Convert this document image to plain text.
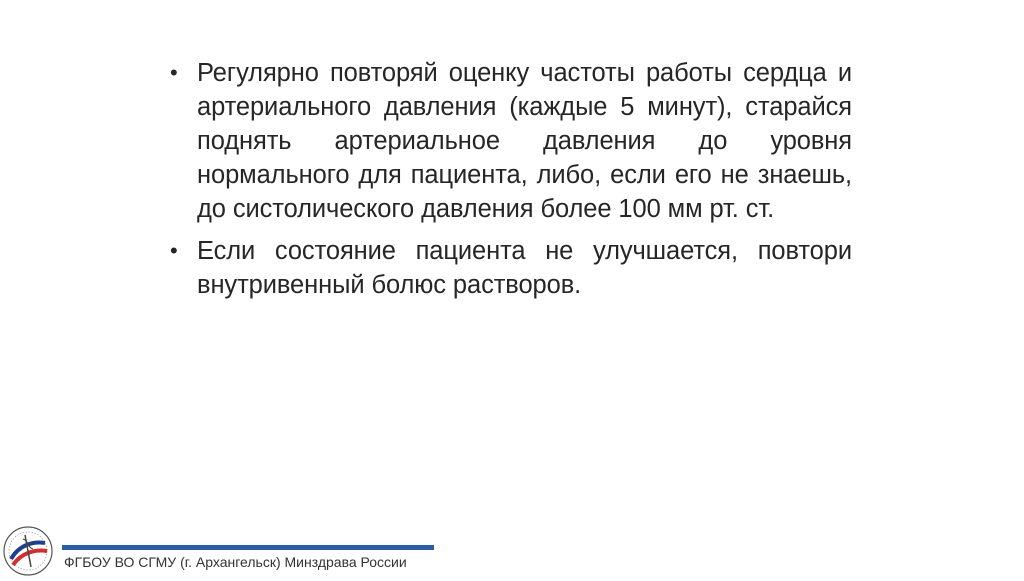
• Регулярно повторяй оценку частоты работы сердца и артериального давления (каждые 5 минут), старайся поднять артериальное давления до уровня нормального для пациента, либо, если его не знаешь, до систолического давления более 100 мм рт. ст.
• Если состояние пациента не улучшается, повтори внутривенный болюс растворов.
ФГБОУ ВО СГМУ (г. Архангельск) Минздрава России
